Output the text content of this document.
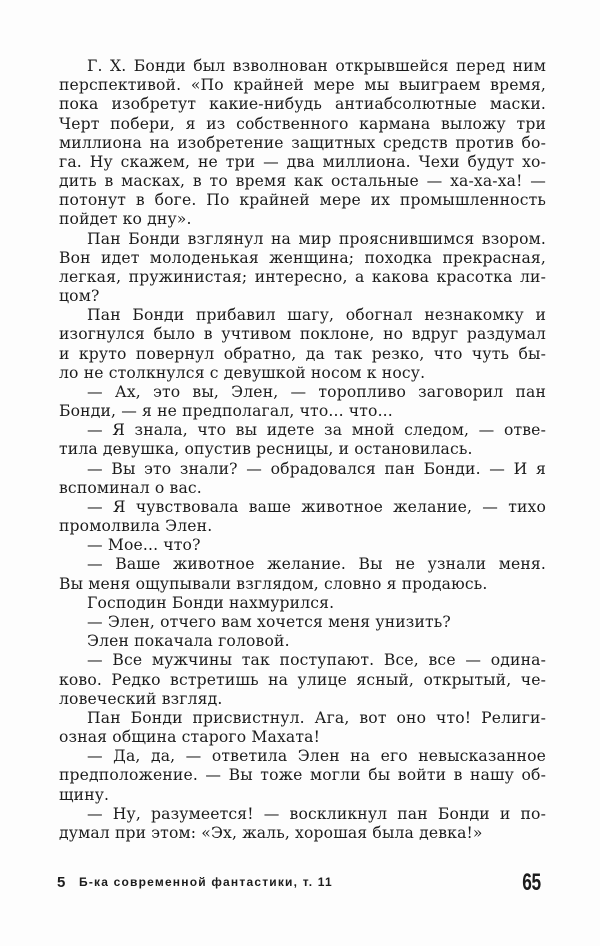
Г. Х. Бонди был взволнован открывшейся перед ним
перспективой. «По крайней мере мы выиграем время,
пока изобретут какие-нибудь антиабсолютные маски.
Черт побери, я из собственного кармана выложу три
миллиона на изобретение защитных средств против бо-
га. Ну скажем, не три — два миллиона. Чехи будут хо-
дить в масках, в то время как остальные — ха-ха-ха! —
потонут в боге. По крайней мере их промышленность
пойдет ко дну».
Пан Бонди взглянул на мир прояснившимся взором.
Вон идет молоденькая женщина; походка прекрасная,
легкая, пружинистая; интересно, а какова красотка ли-
цом?
Пан Бонди прибавил шагу, обогнал незнакомку и
изогнулся было в учтивом поклоне, но вдруг раздумал
и круто повернул обратно, да так резко, что чуть бы-
ло не столкнулся с девушкой носом к носу.
— Ах, это вы, Элен, — торопливо заговорил пан
Бонди, — я не предполагал, что... что...
— Я знала, что вы идете за мной следом, — отве-
тила девушка, опустив ресницы, и остановилась.
— Вы это знали? — обрадовался пан Бонди. — И я
вспоминал о вас.
— Я чувствовала ваше животное желание, — тихо
промолвила Элен.
— Мое... что?
— Ваше животное желание. Вы не узнали меня.
Вы меня ощупывали взглядом, словно я продаюсь.
Господин Бонди нахмурился.
— Элен, отчего вам хочется меня унизить?
Элен покачала головой.
— Все мужчины так поступают. Все, все — одина-
ково. Редко встретишь на улице ясный, открытый, че-
ловеческий взгляд.
Пан Бонди присвистнул. Ага, вот оно что! Религи-
озная община старого Махата!
— Да, да, — ответила Элен на его невысказанное
предположение. — Вы тоже могли бы войти в нашу об-
щину.
— Ну, разумеется! — воскликнул пан Бонди и по-
думал при этом: «Эх, жаль, хорошая была девка!»
5 Б-ка современной фантастики, т. 11	65
